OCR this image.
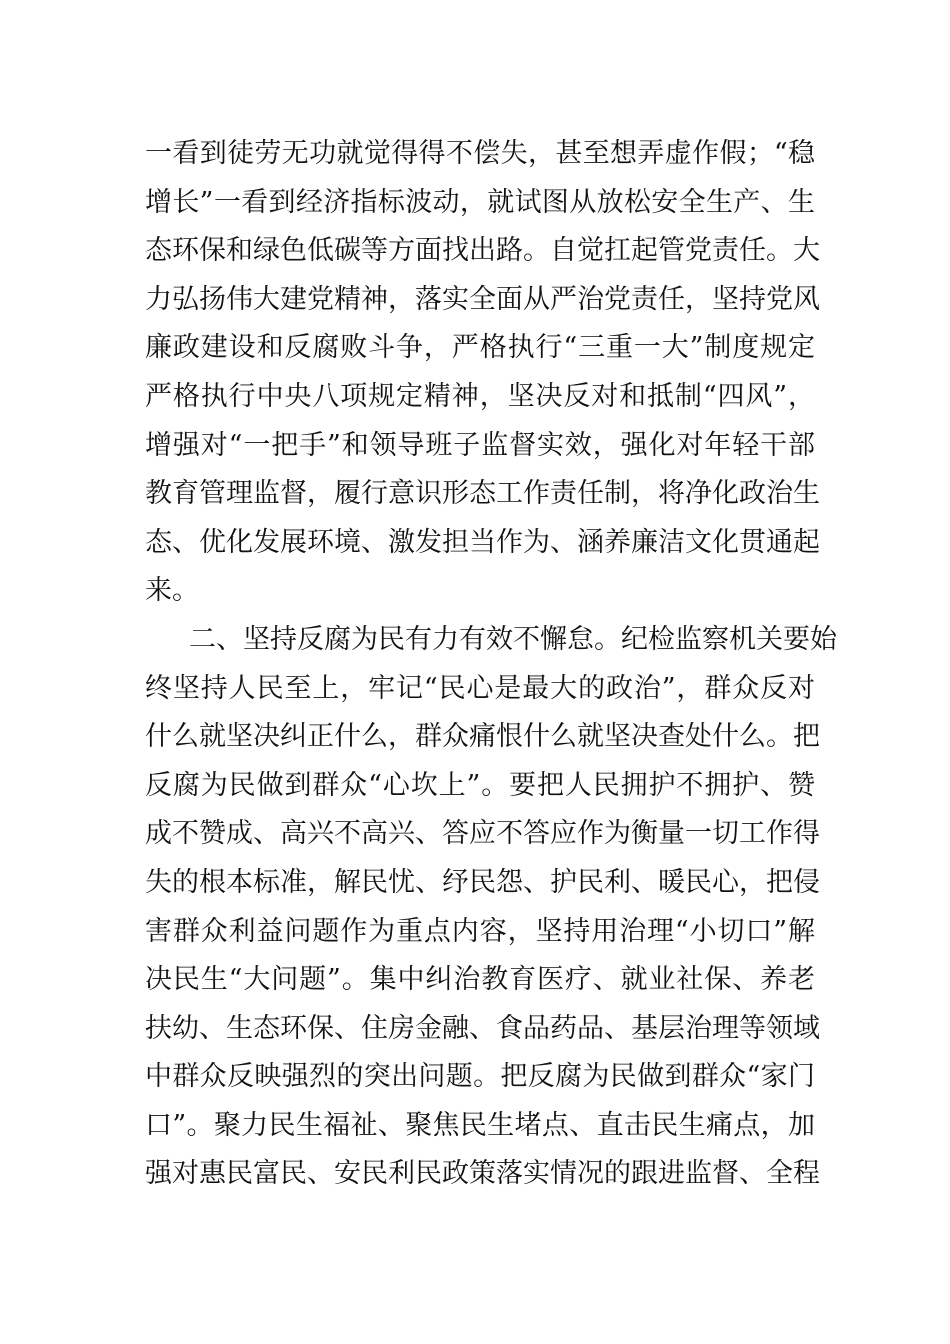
一看到徒劳无功就觉得得不偿失，甚至想弄虚作假；“稳
增长”一看到经济指标波动，就试图从放松安全生产、生
态环保和绿色低碳等方面找出路。自觉扛起管党责任。大
力弘扬伟大建党精神，落实全面从严治党责任，坚持党风
廉政建设和反腐败斗争，严格执行“三重一大”制度规定
严格执行中央八项规定精神，坚决反对和抵制“四风”，
增强对“一把手”和领导班子监督实效，强化对年轻干部
教育管理监督，履行意识形态工作责任制，将净化政治生
态、优化发展环境、激发担当作为、涵养廉洁文化贯通起
来。
二、坚持反腐为民有力有效不懈怠。纪检监察机关要始
终坚持人民至上，牢记“民心是最大的政治”，群众反对
什么就坚决纠正什么，群众痛恨什么就坚决查处什么。把
反腐为民做到群众“心坎上”。要把人民拥护不拥护、赞
成不赞成、高兴不高兴、答应不答应作为衡量一切工作得
失的根本标准，解民忧、纾民怨、护民利、暖民心，把侵
害群众利益问题作为重点内容，坚持用治理“小切口”解
决民生“大问题”。集中纠治教育医疗、就业社保、养老
扶幼、生态环保、住房金融、食品药品、基层治理等领域
中群众反映强烈的突出问题。把反腐为民做到群众“家门
口”。聚力民生福祉、聚焦民生堵点、直击民生痛点，加
强对惠民富民、安民利民政策落实情况的跟进监督、全程
